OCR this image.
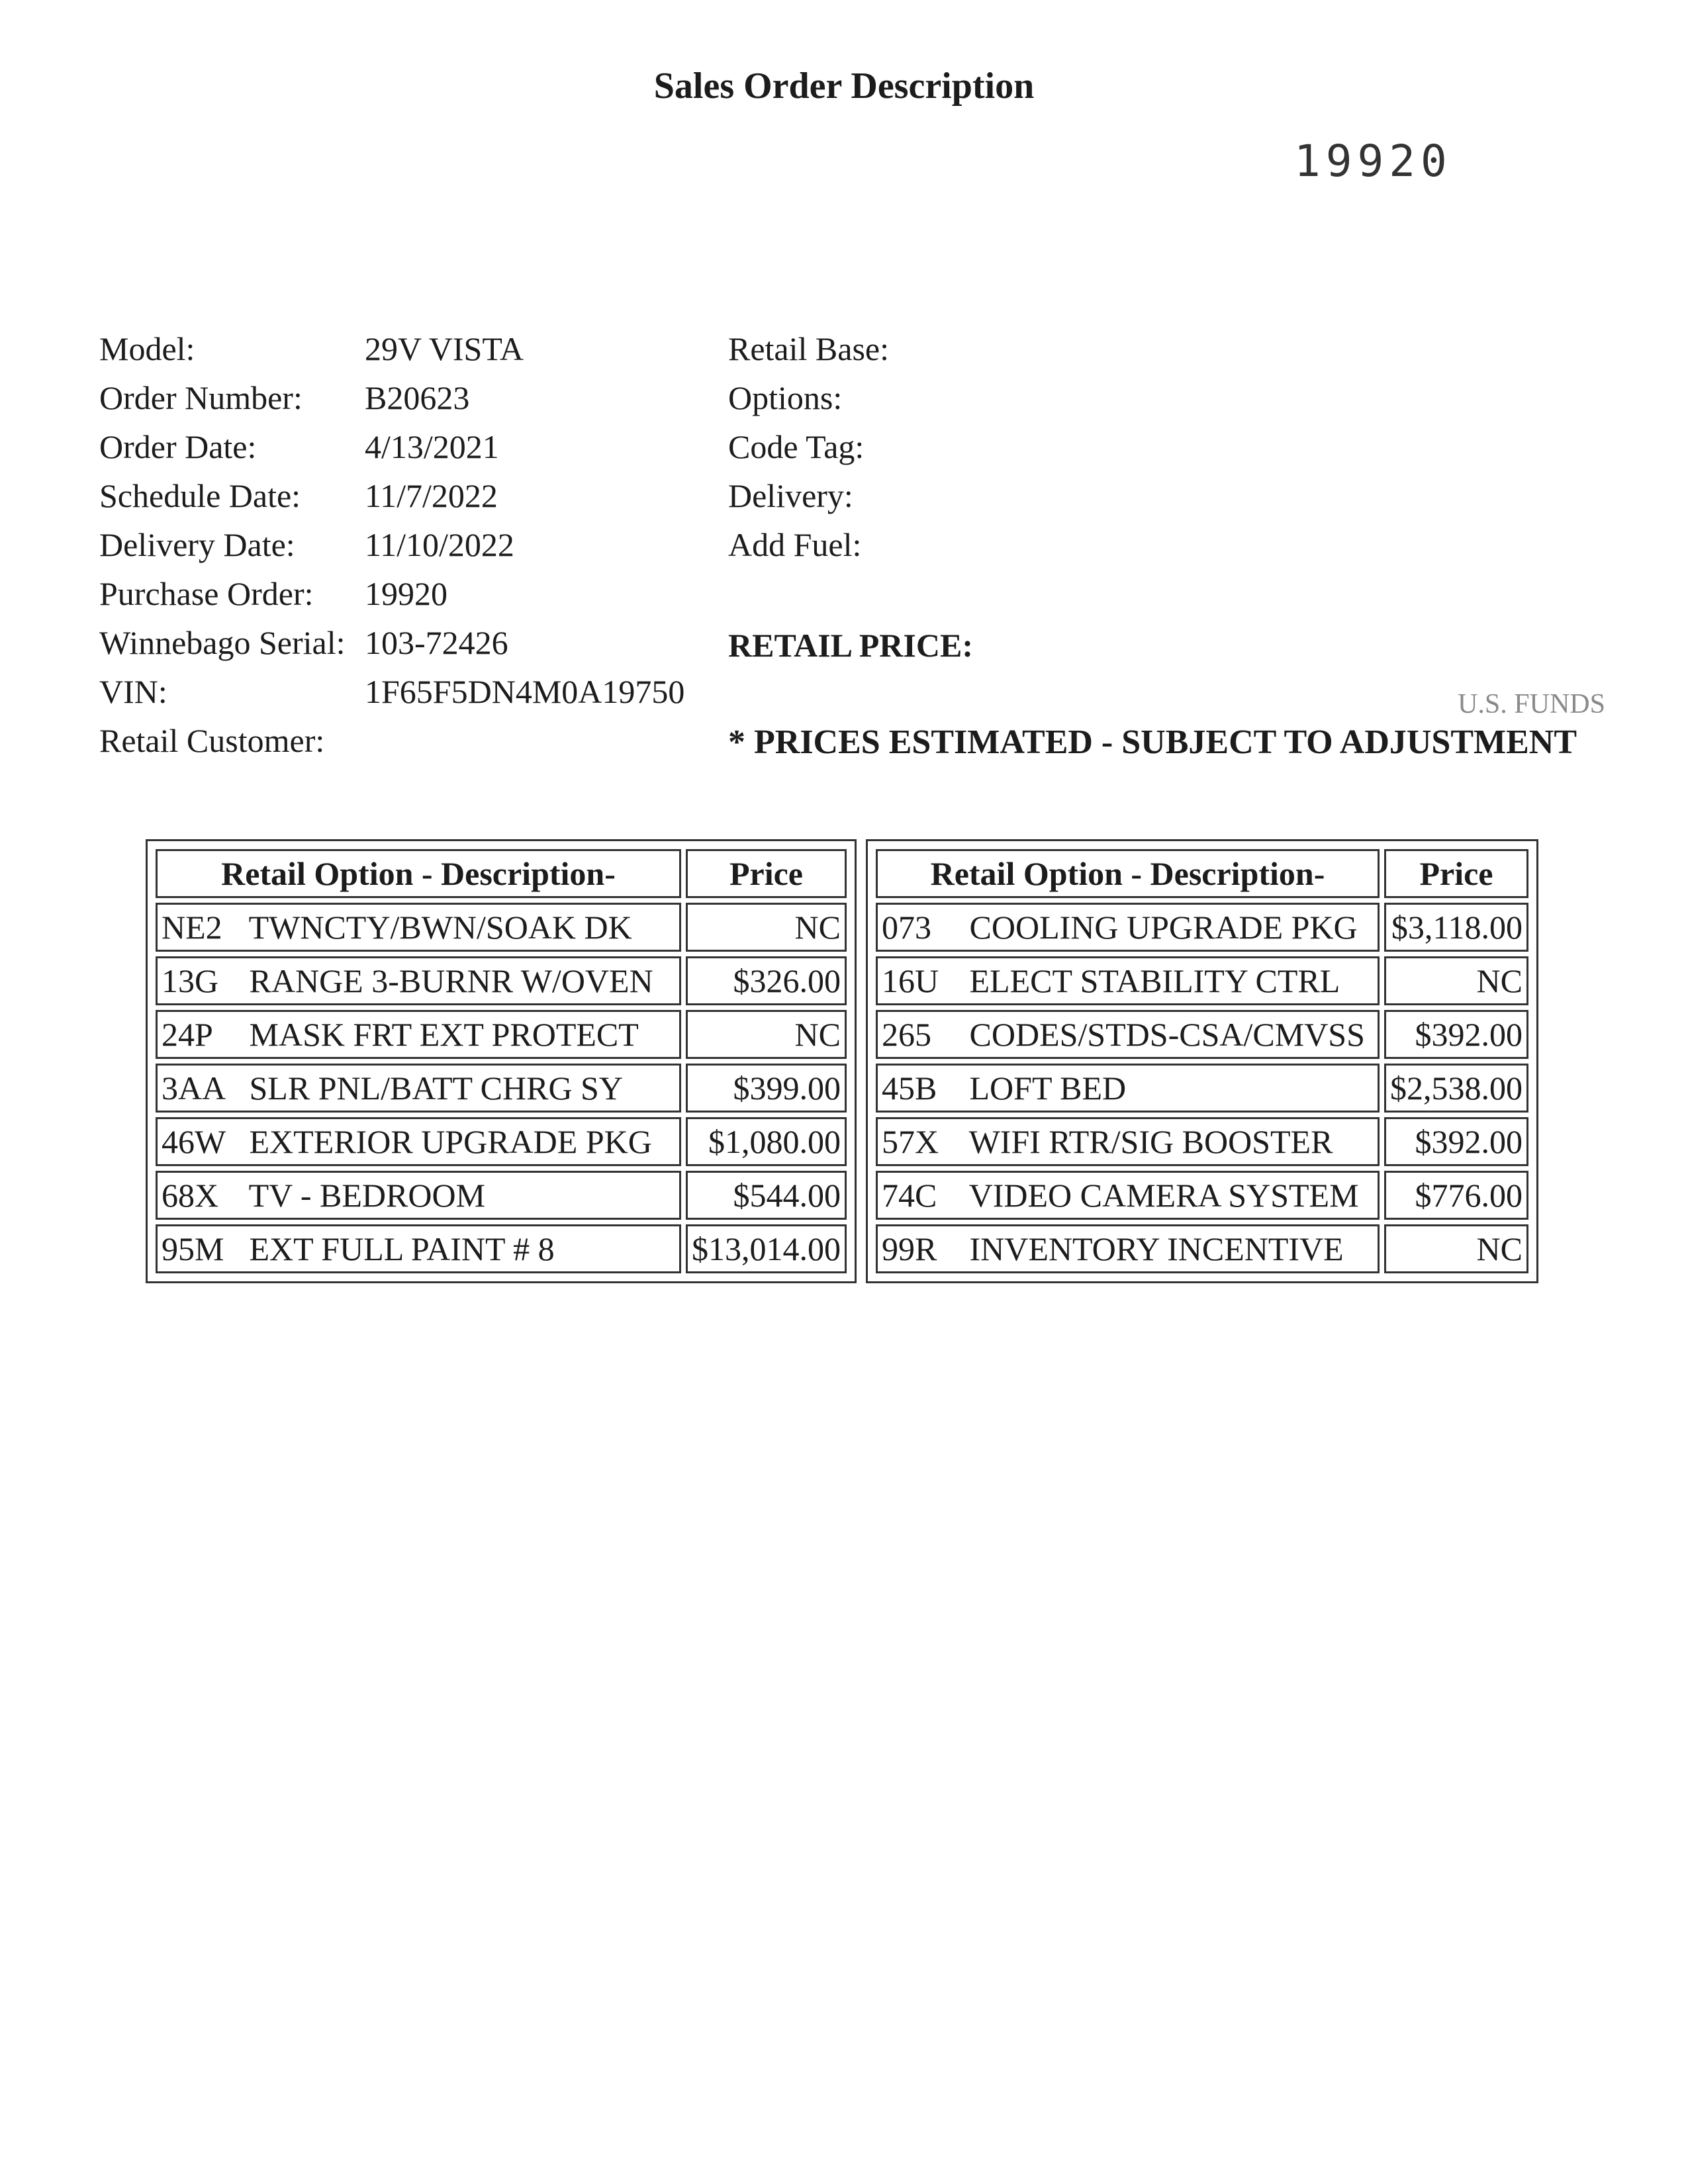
Sales Order Description
19920
Model:	29V VISTA
Order Number: B20623
Order Date:	4/13/2021
Schedule Date: 11/7/2022
Delivery Date: 11/10/2022
Purchase Order: 19920
Winnebago Serial: 103-72426
VIN:	1F65F5DN4M0A19750
Retail Customer:
Retail Base:
Options:
Code Tag:
Delivery:
Add Fuel:
RETAIL PRICE:
U.S. FUNDS
* PRICES ESTIMATED - SUBJECT TO ADJUSTMENT
Retail Option - Description-	Price
NE2 TWNCTY/BWN/SOAK DK	NC
13G RANGE 3-BURNR W/OVEN	$326.00
24P MASK FRT EXT PROTECT	NC
3AA SLR PNL/BATT CHRG SY	$399.00
46W EXTERIOR UPGRADE PKG	$1,080.00
68X TV - BEDROOM	$544.00
95M EXT FULL PAINT # 8	$13,014.00
Retail Option - Description-	Price
073 COOLING UPGRADE PKG	$3,118.00
16U ELECT STABILITY CTRL	NC
265 CODES/STDS-CSA/CMVSS	$392.00
45B LOFT BED	$2,538.00
57X WIFI RTR/SIG BOOSTER	$392.00
74C VIDEO CAMERA SYSTEM	$776.00
99R INVENTORY INCENTIVE	NC
